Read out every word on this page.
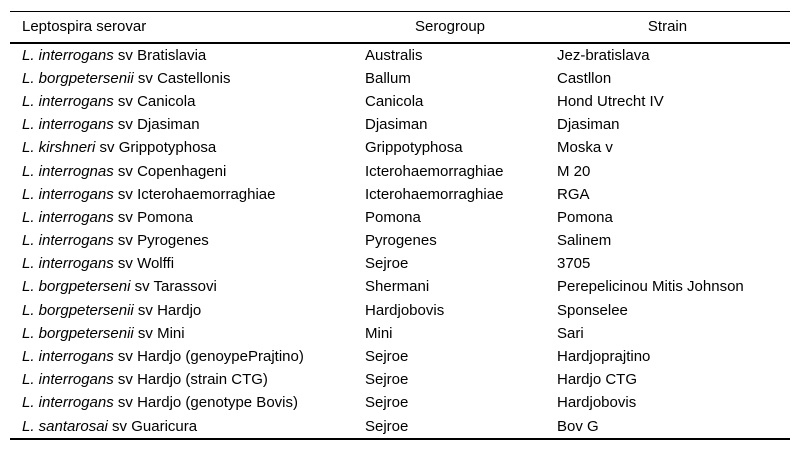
Leptospira serovar	Serogroup	Strain
L. interrogans sv Bratislavia	Australis	Jez-bratislava
L. borgpetersenii sv Castellonis	Ballum	Castllon
L. interrogans sv Canicola	Canicola	Hond Utrecht IV
L. interrogans sv Djasiman	Djasiman	Djasiman
L. kirshneri sv Grippotyphosa	Grippotyphosa	Moska v
L. interrognas sv Copenhageni	Icterohaemorraghiae	M 20
L. interrogans sv Icterohaemorraghiae	Icterohaemorraghiae	RGA
L. interrogans sv Pomona	Pomona	Pomona
L. interrogans sv Pyrogenes	Pyrogenes	Salinem
L. interrogans sv Wolffi	Sejroe	3705
L. borgpeterseni sv Tarassovi	Shermani	Perepelicinou Mitis Johnson
L. borgpetersenii sv Hardjo	Hardjobovis	Sponselee
L. borgpetersenii sv Mini	Mini	Sari
L. interrogans sv Hardjo (genoypePrajtino)	Sejroe	Hardjoprajtino
L. interrogans sv Hardjo (strain CTG)	Sejroe	Hardjo CTG
L. interrogans sv Hardjo (genotype Bovis)	Sejroe	Hardjobovis
L. santarosai sv Guaricura	Sejroe	Bov G
